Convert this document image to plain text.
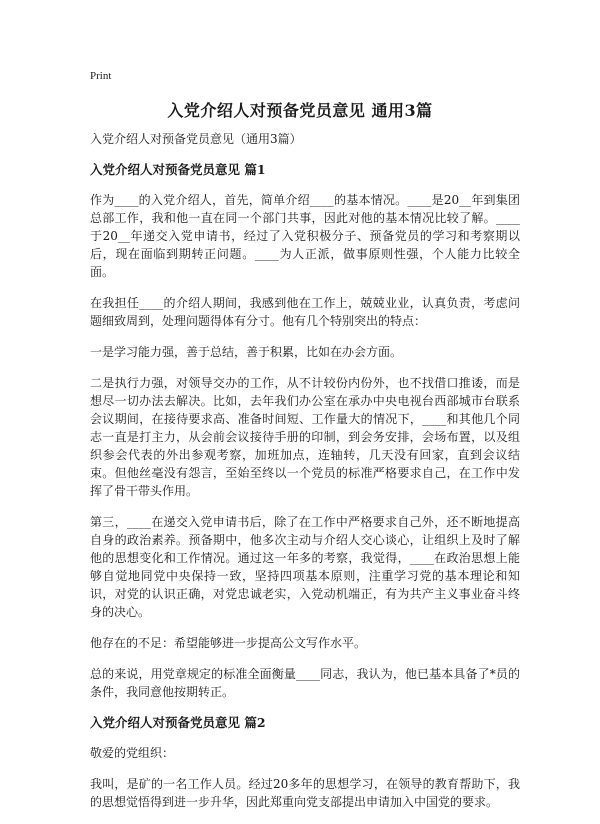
Print
入党介绍人对预备党员意见 通用3篇

入党介绍人对预备党员意见（通用3篇）

入党介绍人对预备党员意见 篇1

作为____的入党介绍人，首先，简单介绍____的基本情况。____是20__年到集团总部工作，我和他一直在同一个部门共事，因此对他的基本情况比较了解。____于20__年递交入党申请书，经过了入党积极分子、预备党员的学习和考察期以后，现在面临到期转正问题。____为人正派，做事原则性强，个人能力比较全面。

在我担任____的介绍人期间，我感到他在工作上，兢兢业业，认真负责，考虑问题细致周到，处理问题得体有分寸。他有几个特别突出的特点：

一是学习能力强，善于总结，善于积累，比如在办会方面。

二是执行力强，对领导交办的工作，从不计较份内份外，也不找借口推诿，而是想尽一切办法去解决。比如，去年我们办公室在承办中央电视台西部城市台联系会议期间，在接待要求高、准备时间短、工作量大的情况下，____和其他几个同志一直是打主力，从会前会议接待手册的印制，到会务安排，会场布置，以及组织参会代表的外出参观考察，加班加点，连轴转，几天没有回家，直到会议结束。但他丝毫没有怨言，至始至终以一个党员的标准严格要求自己，在工作中发挥了骨干带头作用。

第三，____在递交入党申请书后，除了在工作中严格要求自己外，还不断地提高自身的政治素养。预备期中，他多次主动与介绍人交心谈心，让组织上及时了解他的思想变化和工作情况。通过这一年多的考察，我觉得，____在政治思想上能够自觉地同党中央保持一致，坚持四项基本原则，注重学习党的基本理论和知识，对党的认识正确，对党忠诚老实，入党动机端正，有为共产主义事业奋斗终身的决心。

他存在的不足：希望能够进一步提高公文写作水平。

总的来说，用党章规定的标准全面衡量____同志，我认为，他已基本具备了*员的条件，我同意他按期转正。

入党介绍人对预备党员意见 篇2

敬爱的党组织：

我叫，是矿的一名工作人员。经过20多年的思想学习，在领导的教育帮助下，我的思想觉悟得到进一步升华，因此郑重向党支部提出申请加入中国党的要求。
